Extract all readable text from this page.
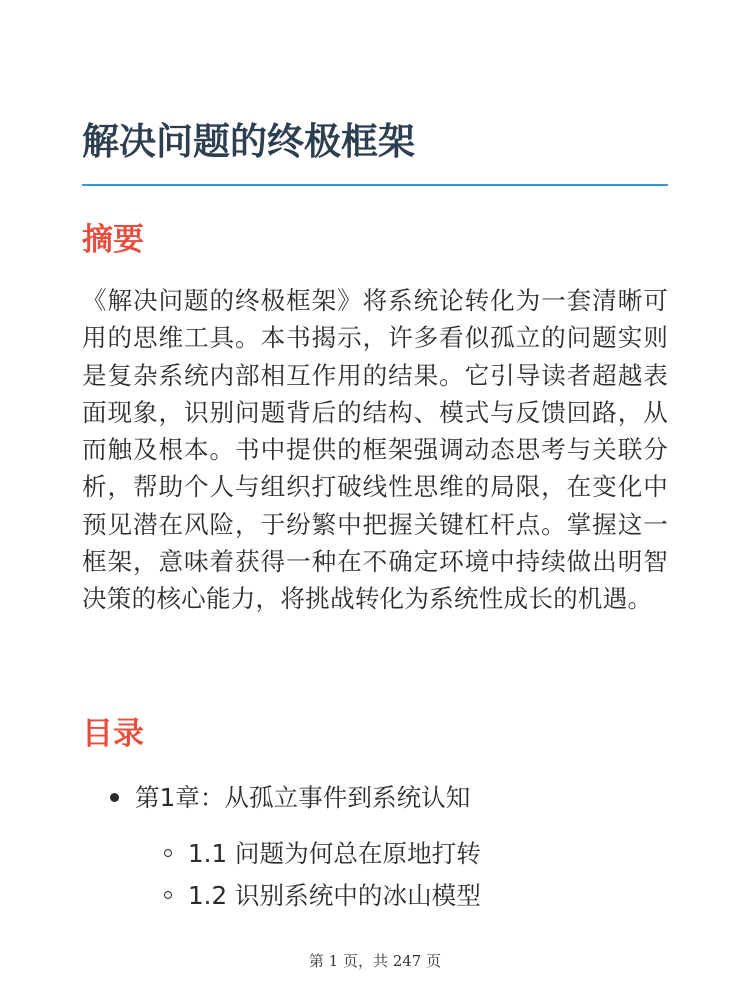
解决问题的终极框架
摘要

《解决问题的终极框架》将系统论转化为一套清晰可用的思维工具。本书揭示，许多看似孤立的问题实则是复杂系统内部相互作用的结果。它引导读者超越表面现象，识别问题背后的结构、模式与反馈回路，从而触及根本。书中提供的框架强调动态思考与关联分析，帮助个人与组织打破线性思维的局限，在变化中预见潜在风险，于纷繁中把握关键杠杆点。掌握这一框架，意味着获得一种在不确定环境中持续做出明智决策的核心能力，将挑战转化为系统性成长的机遇。

目录
第1章：从孤立事件到系统认知
1.1 问题为何总在原地打转
1.2 识别系统中的冰山模型
第 1 页，共 247 页
